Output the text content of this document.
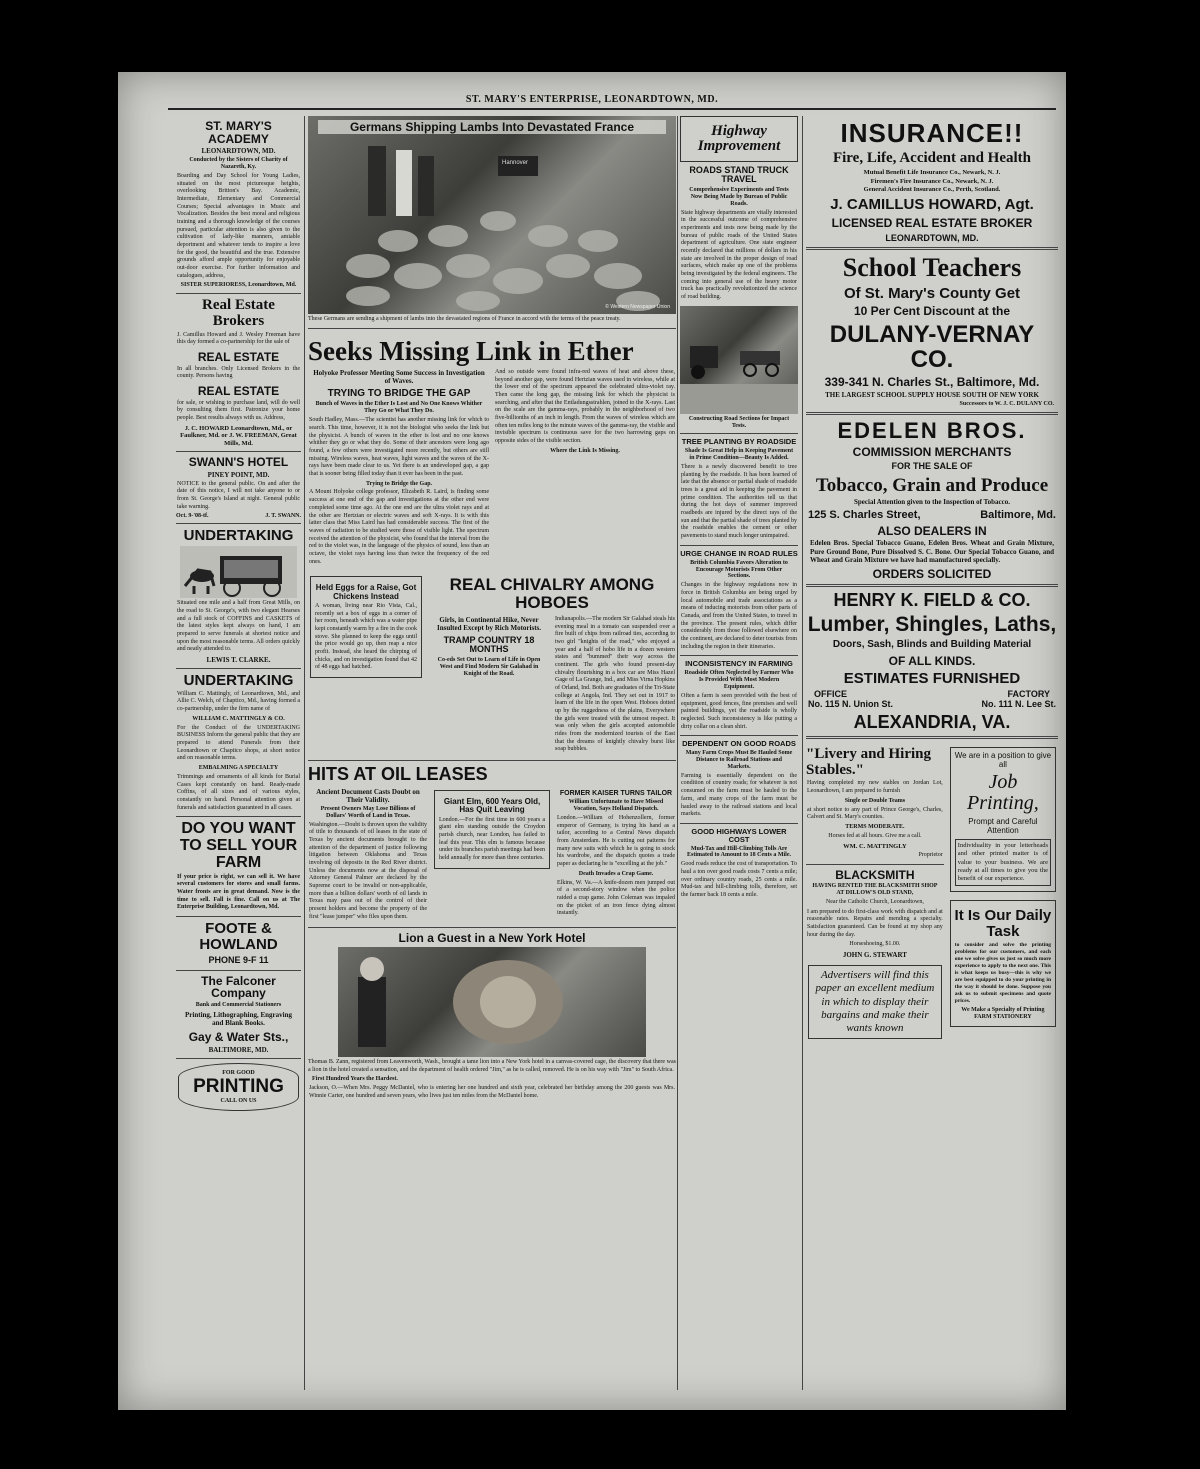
ST. MARY'S ENTERPRISE, LEONARDTOWN, MD.
ST. MARY'S ACADEMY
LEONARDTOWN, MD.
Conducted by the Sisters of Charity of Nazareth, Ky.
Boarding and Day School for Young Ladies, situated on the most picturesque heights, overlooking Britton's Bay. Academic, Intermediate, Elementary and Commercial Courses; Special advantages in Music and Vocalization. Besides the best moral and religious training and a thorough knowledge of the courses pursued, particular attention is also given to the cultivation of lady-like manners, amiable deportment and whatever tends to inspire a love for the good, the beautiful and the true. Extensive grounds afford ample opportunity for enjoyable out-door exercise. For further information and catalogues, address,
SISTER SUPERIORESS, Leonardtown, Md.
Real Estate Brokers
J. Camillus Howard and J. Wesley Freeman have this day formed a co-partnership for the sale of
REAL ESTATE
In all branches. Only Licensed Brokers in the county. Persons having
REAL ESTATE
for sale, or wishing to purchase land, will do well by consulting them first. Patronize your home people. Best results always with us. Address,
J. C. HOWARD Leonardtown, Md., or Faulkner, Md. or J. W. FREEMAN, Great Mills, Md.
SWANN'S HOTEL
PINEY POINT, MD.
NOTICE to the general public. On and after the date of this notice, I will not take anyone to or from St. George's Island at night. General public take warning.
Oct. 9-'08-tf.	J. T. SWANN.
UNDERTAKING
Situated one mile and a half from Great Mills, on the road to St. George's, with two elegant Hearses and a full stock of COFFINS and CASKETS of the latest styles kept always on hand, I am prepared to serve funerals at shortest notice and upon the most reasonable terms. All orders quickly and neatly attended to.
LEWIS T. CLARKE.
UNDERTAKING
William C. Mattingly, of Leonardtown, Md., and Allie C. Welch, of Chaptico, Md., having formed a co-partnership, under the firm name of
WILLIAM C. MATTINGLY & CO.
For the Conduct of the UNDERTAKING BUSINESS Inform the general public that they are prepared to attend Funerals from their Leonardtown or Chaptico shops, at short notice and on reasonable terms.
EMBALMING A SPECIALTY
Trimmings and ornaments of all kinds for Burial Cases kept constantly on hand. Ready-made Coffins, of all sizes and of various styles, constantly on hand. Personal attention given at funerals and satisfaction guaranteed in all cases.
DO YOU WANT TO SELL YOUR FARM
If your price is right, we can sell it. We have several customers for stores and small farms. Water fronts are in great demand. Now is the time to sell. Fall is fine. Call on us at The Enterprise Building, Leonardtown, Md.
FOOTE & HOWLAND
PHONE 9-F 11
The Falconer Company
Bank and Commercial Stationers
Printing, Lithographing, Engraving and Blank Books.
Gay & Water Sts.,
BALTIMORE, MD.
FOR GOOD
PRINTING
CALL ON US
Germans Shipping Lambs Into Devastated France
Hannover
© Western Newspaper Union
These Germans are sending a shipment of lambs into the devastated regions of France in accord with the terms of the peace treaty.
Seeks Missing Link in Ether
Holyoke Professor Meeting Some Success in Investigation of Waves.
TRYING TO BRIDGE THE GAP
Bunch of Waves in the Ether Is Lost and No One Knows Whither They Go or What They Do.
South Hadley, Mass.—The scientist has another missing link for which to search. This time, however, it is not the biologist who seeks the link but the physicist. A bunch of waves in the ether is lost and no one knows whither they go or what they do. Some of their ancestors were long ago found, a few others were investigated more recently, but others are still missing. Wireless waves, heat waves, light waves and the waves of the X-rays have been made clear to us. Yet there is an undeveloped gap, a gap that is sooner being filled today than it ever has been in the past.
Trying to Bridge the Gap.
A Mount Holyoke college professor, Elizabeth R. Laird, is finding some success at one end of the gap and investigations at the other end were completed some time ago. At the one end are the ultra violet rays and at the other are Hertzian or electric waves and soft X-rays. It is with this latter class that Miss Laird has had considerable success. The first of the waves of radiation to be studied were those of visible light. The spectrum received the attention of the physicist, who found that the interval from the red to the violet was, in the language of the physics of sound, less than an octave, the violet rays having less than twice the frequency of the red ones.
And so outside were found infra-red waves of heat and above these, beyond another gap, were found Hertzian waves used in wireless, while at the lower end of the spectrum appeared the celebrated ultra-violet ray. Then came the long gap, the missing link for which the physicist is searching, and after that the Entladungsstrahlen, joined to the X-rays. Last on the scale are the gamma-rays, probably in the neighborhood of two five-billionths of an inch in length. From the waves of wireless which are often ten miles long to the minute waves of the gamma-ray, the visible and invisible spectrum is continuous save for the two harrowing gaps on opposite sides of the visible section.
Where the Link Is Missing.
Held Eggs for a Raise, Got Chickens Instead
A woman, living near Rio Vista, Cal., recently set a box of eggs in a corner of her room, beneath which was a water pipe kept constantly warm by a fire in the cook stove. She planned to keep the eggs until the price would go up, then reap a nice profit. Instead, she heard the chirping of chicks, and on investigation found that 42 of 48 eggs had hatched.
REAL CHIVALRY AMONG HOBOES
Girls, in Continental Hike, Never Insulted Except by Rich Motorists.
TRAMP COUNTRY 18 MONTHS
Co-eds Set Out to Learn of Life in Open West and Find Modern Sir Galahad in Knight of the Road.
Indianapolis.—The modern Sir Galahad steals his evening meal in a tomato can suspended over a fire built of chips from railroad ties, according to two girl "knights of the road," who enjoyed a year and a half of hobo life in a dozen western states and "bummed" their way across the continent. The girls who found present-day chivalry flourishing in a box car are Miss Hazel Gage of La Grange, Ind., and Miss Virna Hopkins of Orland, Ind. Both are graduates of the Tri-State college at Angola, Ind. They set out in 1917 to learn of the life in the open West. Hoboes dotted up by the ruggedness of the plains, Everywhere the girls were treated with the utmost respect. It was only when the girls accepted automobile rides from the modernized tourists of the East that the dreams of knightly chivalry burst like soap bubbles.
HITS AT OIL LEASES
Ancient Document Casts Doubt on Their Validity.
Present Owners May Lose Billions of Dollars' Worth of Land in Texas.
Washington.—Doubt is thrown upon the validity of title to thousands of oil leases in the state of Texas by ancient documents brought to the attention of the department of justice following litigation between Oklahoma and Texas involving oil deposits in the Red River district. Unless the documents now at the disposal of Attorney General Palmer are declared by the Supreme court to be invalid or non-applicable, more than a billion dollars' worth of oil lands in Texas may pass out of the control of their present holders and become the property of the first "lease jumper" who files upon them.
Giant Elm, 600 Years Old, Has Quit Leaving
London.—For the first time in 600 years a giant elm standing outside the Croydon parish church, near London, has failed to leaf this year. This elm is famous because under its branches parish meetings had been held annually for more than three centuries.
FORMER KAISER TURNS TAILOR
William Unfortunate to Have Missed Vocation, Says Holland Dispatch.
London.—William of Hohenzollern, former emperor of Germany, is trying his hand as a tailor, according to a Central News dispatch from Amsterdam. He is cutting out patterns for many new suits with which he is going to stock his wardrobe, and the dispatch quotes a trade paper as declaring he is "excelling at the job."
Death Invades a Crap Game.
Elkins, W. Va.—A knife-dozen men jumped out of a second-story window when the police raided a crap game. John Coleman was impaled on the picket of an iron fence dying almost instantly.
Lion a Guest in a New York Hotel
Thomas B. Zann, registered from Leavenworth, Wash., brought a tame lion into a New York hotel in a canvas-covered cage, the discovery that there was a lion in the hotel created a sensation, and the department of health ordered "Jim," as he is called, removed. He is on his way with "Jim" to South Africa.
First Hundred Years the Hardest.
Jackson, O.—When Mrs. Peggy McDaniel, who is entering her one hundred and sixth year, celebrated her birthday among the 200 guests was Mrs. Winnie Carter, one hundred and seven years, who lives just ten miles from the McDaniel home.
Highway Improvement
ROADS STAND TRUCK TRAVEL
Comprehensive Experiments and Tests Now Being Made by Bureau of Public Roads.
State highway departments are vitally interested in the successful outcome of comprehensive experiments and tests now being made by the bureau of public roads of the United States department of agriculture. One state engineer recently declared that millions of dollars in his state are involved in the proper design of road surfaces, which make up one of the problems being investigated by the federal engineers. The coming into general use of the heavy motor truck has practically revolutionized the science of road building.
Constructing Road Sections for Impact Tests.
TREE PLANTING BY ROADSIDE
Shade Is Great Help in Keeping Pavement in Prime Condition—Beauty Is Added.
There is a newly discovered benefit to tree planting by the roadside. It has been learned of late that the absence or partial shade of roadside trees is a great aid in keeping the pavement in prime condition. The authorities tell us that during the hot days of summer improved roadbeds are injured by the direct rays of the sun and that the partial shade of trees planted by the roadside enables the cement or other pavements to stand much longer unimpaired.
URGE CHANGE IN ROAD RULES
British Columbia Favors Alteration to Encourage Motorists From Other Sections.
Changes in the highway regulations now in force in British Columbia are being urged by local automobile and trade associations as a means of inducing motorists from other parts of Canada, and from the United States, to travel in the province. The present rules, which differ considerably from those followed elsewhere on the continent, are declared to deter tourists from including the region in their itineraries.
INCONSISTENCY IN FARMING
Roadside Often Neglected by Farmer Who Is Provided With Most Modern Equipment.
Often a farm is seen provided with the best of equipment, good fences, fine premises and well painted buildings, yet the roadside is wholly neglected. Such inconsistency is like putting a dirty collar on a clean shirt.
DEPENDENT ON GOOD ROADS
Many Farm Crops Must Be Hauled Some Distance to Railroad Stations and Markets.
Farming is essentially dependent on the condition of country roads; for whatever is not consumed on the farm must be hauled to the farm, and many crops of the farm must be hauled away to the railroad stations and local markets.
GOOD HIGHWAYS LOWER COST
Mud-Tax and Hill-Climbing Tolls Are Estimated to Amount to 18 Cents a Mile.
Good roads reduce the cost of transportation. To haul a ton over good roads costs 7 cents a mile; over ordinary country roads, 25 cents a mile. Mud-tax and hill-climbing tolls, therefore, set the farmer back 18 cents a mile.
INSURANCE!!
Fire, Life, Accident and Health
Mutual Benefit Life Insurance Co., Newark, N. J.
Firemen's Fire Insurance Co., Newark, N. J.
General Accident Insurance Co., Perth, Scotland.
J. CAMILLUS HOWARD, Agt.
LICENSED REAL ESTATE BROKER
LEONARDTOWN, MD.
School Teachers
Of St. Mary's County Get
10 Per Cent Discount at the
DULANY-VERNAY CO.
339-341 N. Charles St., Baltimore, Md.
THE LARGEST SCHOOL SUPPLY HOUSE SOUTH OF NEW YORK
Successors to W. J. C. DULANY CO.
EDELEN BROS.
COMMISSION MERCHANTS
FOR THE SALE OF
Tobacco, Grain and Produce
Special Attention given to the Inspection of Tobacco.
125 S. Charles Street,	Baltimore, Md.
ALSO DEALERS IN
Edelen Bros. Special Tobacco Guano, Edelen Bros. Wheat and Grain Mixture, Pure Ground Bone, Pure Dissolved S. C. Bone. Our Special Tobacco Guano, and Wheat and Grain Mixture we have had manufactured specially.
ORDERS SOLICITED
HENRY K. FIELD & CO.
Lumber, Shingles, Laths,
Doors, Sash, Blinds and Building Material
OF ALL KINDS.
ESTIMATES FURNISHED
OFFICE	FACTORY
No. 115 N. Union St.	No. 111 N. Lee St.
ALEXANDRIA, VA.
"Livery and Hiring Stables."
Having completed my new stables on Jordan Lot, Leonardtown, I am prepared to furnish
Single or Double Teams
at short notice to any part of Prince George's, Charles, Calvert and St. Mary's counties.
TERMS MODERATE.
Horses fed at all hours. Give me a call.
WM. C. MATTINGLY
Proprietor
BLACKSMITH
HAVING RENTED THE BLACKSMITH SHOP AT DILLOW'S OLD STAND,
Near the Catholic Church, Leonardtown,
I am prepared to do first-class work with dispatch and at reasonable rates. Repairs and mending a specialty. Satisfaction guaranteed. Can be found at my shop any hour during the day.
Horseshoeing, $1.00.
JOHN G. STEWART
Advertisers will find this paper an excellent medium in which to display their bargains and make their wants known
We are in a position to give all
Job Printing,
Prompt and Careful Attention
Individuality in your letterheads and other printed matter is of value to your business. We are ready at all times to give you the benefit of our experience.
It Is Our Daily Task
to consider and solve the printing problems for our customers, and each one we solve gives us just so much more experience to apply to the next one. This is what keeps us busy—this is why we are best equipped to do your printing in the way it should be done. Suppose you ask us to submit specimens and quote prices.
We Make a Specialty of Printing FARM STATIONERY
